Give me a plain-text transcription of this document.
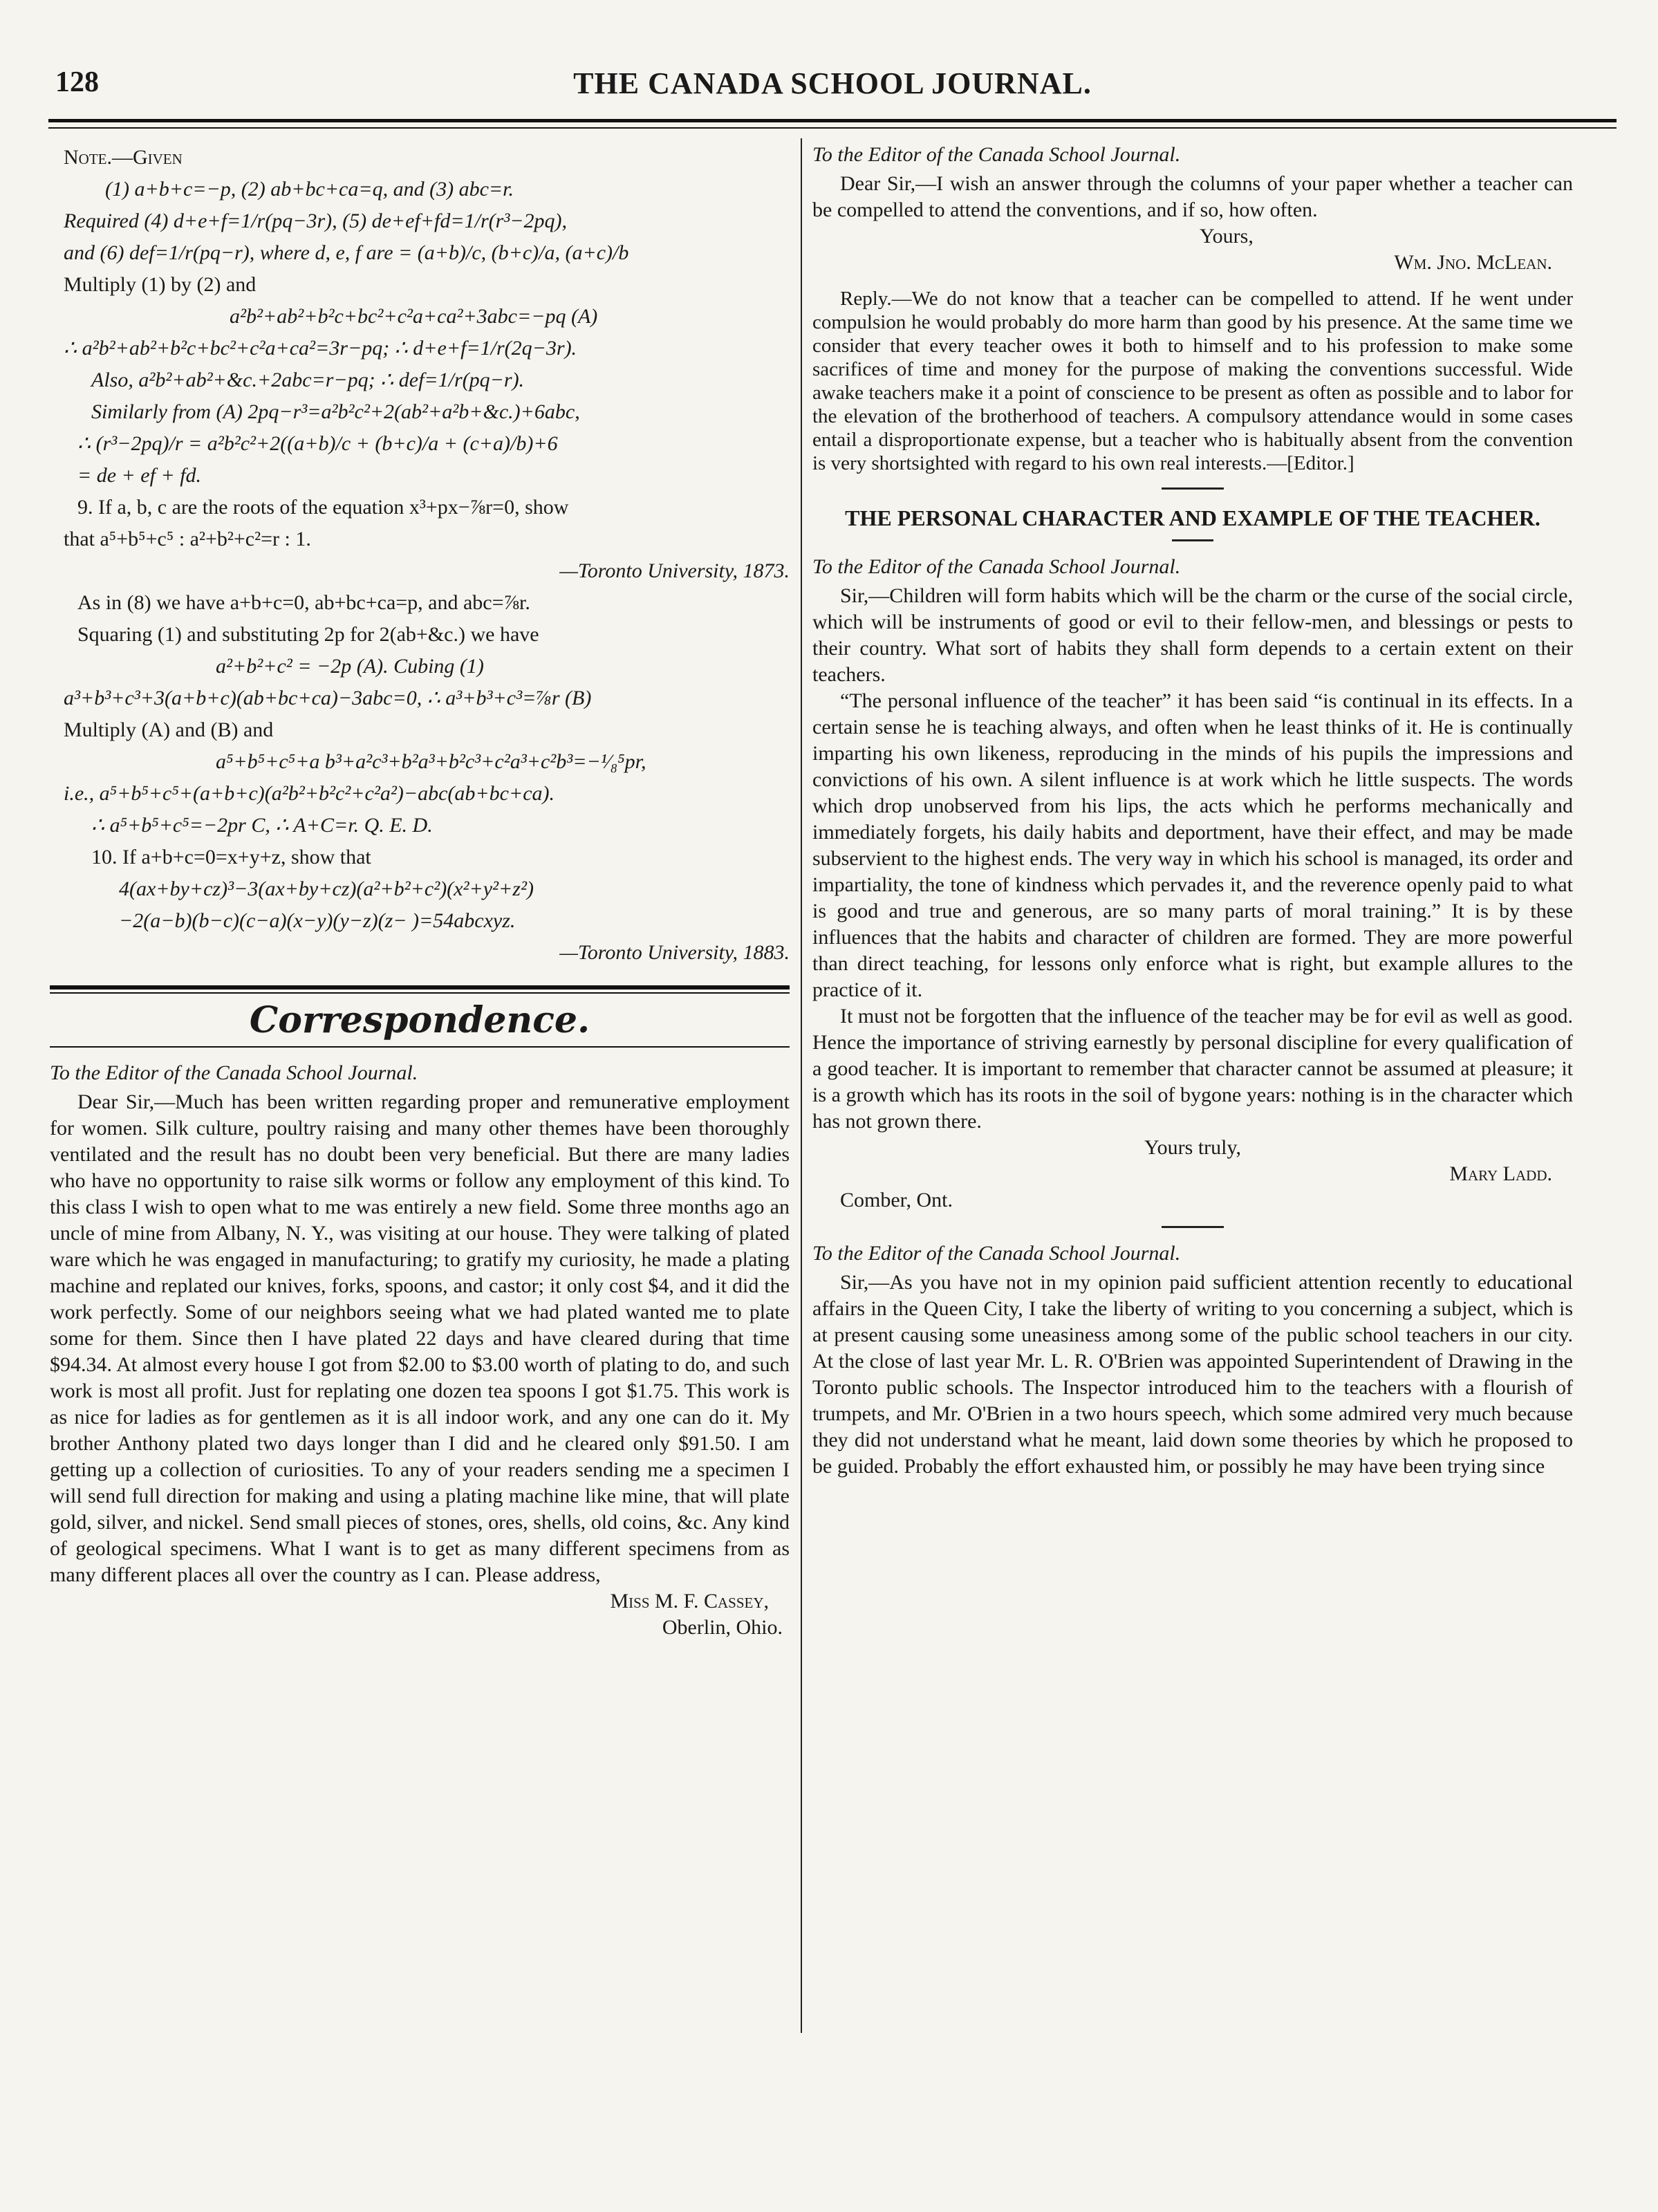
128	THE CANADA SCHOOL JOURNAL.
Note.—Given
(1) a+b+c=−p, (2) ab+bc+ca=q, and (3) abc=r.
Required (4) d+e+f=1/r(pq−3r), (5) de+ef+fd=1/r(r³−2pq),
and (6) def=1/r(pq−r), where d, e, f are = (a+b)/c, (b+c)/a, (a+c)/b
Multiply (1) by (2) and
a²b²+ab²+b²c+bc²+c²a+ca²+3abc=−pq (A)
∴ a²b²+ab²+b²c+bc²+c²a+ca²=3r−pq; ∴ d+e+f=1/r(2q−3r).
Also, a²b²+ab²+&c.+2abc=r−pq; ∴ def=1/r(pq−r).
Similarly from (A) 2pq−r³=a²b²c²+2(ab²+a²b+&c.)+6abc,
∴ (r³−2pq)/r = a²b²c²+2((a+b)/c + (b+c)/a + (c+a)/b)+6
= de + ef + fd.
9. If a, b, c are the roots of the equation x³+px−⅞r=0, show
that a⁵+b⁵+c⁵ : a²+b²+c²=r : 1.
—Toronto University, 1873.
As in (8) we have a+b+c=0, ab+bc+ca=p, and abc=⅞r.
Squaring (1) and substituting 2p for 2(ab+&c.) we have
a²+b²+c² = −2p (A). Cubing (1)
a³+b³+c³+3(a+b+c)(ab+bc+ca)−3abc=0, ∴ a³+b³+c³=⅞r (B)
Multiply (A) and (B) and
a⁵+b⁵+c⁵+a b³+a²c³+b²a³+b²c³+c²a³+c²b³=−¹⁄₈⁵pr,
i.e., a⁵+b⁵+c⁵+(a+b+c)(a²b²+b²c²+c²a²)−abc(ab+bc+ca).
∴ a⁵+b⁵+c⁵=−2pr C, ∴ A+C=r. Q. E. D.
10. If a+b+c=0=x+y+z, show that
4(ax+by+cz)³−3(ax+by+cz)(a²+b²+c²)(x²+y²+z²)
−2(a−b)(b−c)(c−a)(x−y)(y−z)(z− )=54abcxyz.
—Toronto University, 1883.
Correspondence.
To the Editor of the Canada School Journal.

Dear Sir,—Much has been written regarding proper and remunerative employment for women. Silk culture, poultry raising and many other themes have been thoroughly ventilated and the result has no doubt been very beneficial. But there are many ladies who have no opportunity to raise silk worms or follow any employment of this kind. To this class I wish to open what to me was entirely a new field. Some three months ago an uncle of mine from Albany, N. Y., was visiting at our house. They were talking of plated ware which he was engaged in manufacturing; to gratify my curiosity, he made a plating machine and replated our knives, forks, spoons, and castor; it only cost $4, and it did the work perfectly. Some of our neighbors seeing what we had plated wanted me to plate some for them. Since then I have plated 22 days and have cleared during that time $94.34. At almost every house I got from $2.00 to $3.00 worth of plating to do, and such work is most all profit. Just for replating one dozen tea spoons I got $1.75. This work is as nice for ladies as for gentlemen as it is all indoor work, and any one can do it. My brother Anthony plated two days longer than I did and he cleared only $91.50. I am getting up a collection of curiosities. To any of your readers sending me a specimen I will send full direction for making and using a plating machine like mine, that will plate gold, silver, and nickel. Send small pieces of stones, ores, shells, old coins, &c. Any kind of geological specimens. What I want is to get as many different specimens from as many different places all over the country as I can. Please address,

Miss M. F. Cassey,
Oberlin, Ohio.
To the Editor of the Canada School Journal.

Dear Sir,—I wish an answer through the columns of your paper whether a teacher can be compelled to attend the conventions, and if so, how often.

Yours,
Wm. Jno. McLean.

Reply.—We do not know that a teacher can be compelled to attend. If he went under compulsion he would probably do more harm than good by his presence. At the same time we consider that every teacher owes it both to himself and to his profession to make some sacrifices of time and money for the purpose of making the conventions successful. Wide awake teachers make it a point of conscience to be present as often as possible and to labor for the elevation of the brotherhood of teachers. A compulsory attendance would in some cases entail a disproportionate expense, but a teacher who is habitually absent from the convention is very shortsighted with regard to his own real interests.—[Editor.]

THE PERSONAL CHARACTER AND EXAMPLE OF THE TEACHER.
To the Editor of the Canada School Journal.

Sir,—Children will form habits which will be the charm or the curse of the social circle, which will be instruments of good or evil to their fellow-men, and blessings or pests to their country. What sort of habits they shall form depends to a certain extent on their teachers.

“The personal influence of the teacher” it has been said “is continual in its effects. In a certain sense he is teaching always, and often when he least thinks of it. He is continually imparting his own likeness, reproducing in the minds of his pupils the impressions and convictions of his own. A silent influence is at work which he little suspects. The words which drop unobserved from his lips, the acts which he performs mechanically and immediately forgets, his daily habits and deportment, have their effect, and may be made subservient to the highest ends. The very way in which his school is managed, its order and impartiality, the tone of kindness which pervades it, and the reverence openly paid to what is good and true and generous, are so many parts of moral training.” It is by these influences that the habits and character of children are formed. They are more powerful than direct teaching, for lessons only enforce what is right, but example allures to the practice of it.

It must not be forgotten that the influence of the teacher may be for evil as well as good. Hence the importance of striving earnestly by personal discipline for every qualification of a good teacher. It is important to remember that character cannot be assumed at pleasure; it is a growth which has its roots in the soil of bygone years: nothing is in the character which has not grown there.

Yours truly,
Mary Ladd.
Comber, Ont.
To the Editor of the Canada School Journal.

Sir,—As you have not in my opinion paid sufficient attention recently to educational affairs in the Queen City, I take the liberty of writing to you concerning a subject, which is at present causing some uneasiness among some of the public school teachers in our city. At the close of last year Mr. L. R. O'Brien was appointed Superintendent of Drawing in the Toronto public schools. The Inspector introduced him to the teachers with a flourish of trumpets, and Mr. O'Brien in a two hours speech, which some admired very much because they did not understand what he meant, laid down some theories by which he proposed to be guided. Probably the effort exhausted him, or possibly he may have been trying since
